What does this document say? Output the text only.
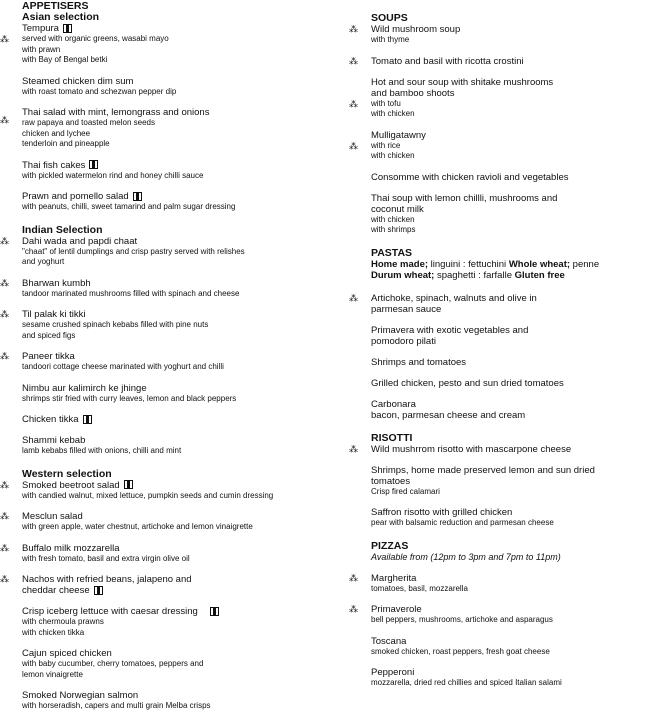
APPETISERS
Asian selection
Tempura
⁂ served with organic greens, wasabi mayo
with prawn
with Bay of Bengal betki
Steamed chicken dim sum
with roast tomato and schezwan pepper dip
⁂
Thai salad with mint, lemongrass and onions
raw papaya and toasted melon seeds
chicken and lychee
tenderloin and pineapple
Thai fish cakes
with pickled watermelon rind and honey chilli sauce
Prawn and pomello salad
with peanuts, chilli, sweet tamarind and palm sugar dressing
Indian Selection
⁂ Dahi wada and papdi chaat
"chaat" of lentil dumplings and crisp pastry served with relishes
and yoghurt
⁂ Bharwan kumbh
tandoor marinated mushrooms filled with spinach and cheese
⁂ Til palak ki tikki
sesame crushed spinach kebabs filled with pine nuts
and spiced figs
⁂ Paneer tikka
tandoori cottage cheese marinated with yoghurt and chilli
Nimbu aur kalimirch ke jhinge
shrimps stir fried with curry leaves, lemon and black peppers
Chicken tikka
Shammi kebab
lamb kebabs filled with onions, chilli and mint
Western selection
⁂ Smoked beetroot salad
with candied walnut, mixed lettuce, pumpkin seeds and cumin dressing
⁂ Mesclun salad
with green apple, water chestnut, artichoke and lemon vinaigrette
⁂ Buffalo milk mozzarella
with fresh tomato, basil and extra virgin olive oil
⁂ Nachos with refried beans, jalapeno and
cheddar cheese
Crisp iceberg lettuce with caesar dressing
with chermoula prawns
with chicken tikka
Cajun spiced chicken
with baby cucumber, cherry tomatoes, peppers and
lemon vinaigrette
Smoked Norwegian salmon
with horseradish, capers and multi grain Melba crisps
SOUPS
⁂ Wild mushroom soup
with thyme
⁂ Tomato and basil with ricotta crostini
⁂
Hot and sour soup with shitake mushrooms
and bamboo shoots
with tofu
with chicken
⁂
Mulligatawny
with rice
with chicken
Consomme with chicken ravioli and vegetables
Thai soup with lemon chillli, mushrooms and
coconut milk
with chicken
with shrimps
PASTAS
Home made; linguini : fettuchini Whole wheat; penne
Durum wheat; spaghetti : farfalle Gluten free
⁂ Artichoke, spinach, walnuts and olive in
parmesan sauce
Primavera with exotic vegetables and
pomodoro pilati
Shrimps and tomatoes
Grilled chicken, pesto and sun dried tomatoes
Carbonara
bacon, parmesan cheese and cream
RISOTTI
⁂ Wild mushrrom risotto with mascarpone cheese
Shrimps, home made preserved lemon and sun dried
tomatoes
Crisp fired calamari
Saffron risotto with grilled chicken
pear with balsamic reduction and parmesan cheese
PIZZAS
Available from (12pm to 3pm and 7pm to 11pm)
⁂ Margherita
tomatoes, basil, mozzarella
⁂ Primaverole
bell peppers, mushrooms, artichoke and asparagus
Toscana
smoked chicken, roast peppers, fresh goat cheese
Pepperoni
mozzarella, dried red chillies and spiced Italian salami
